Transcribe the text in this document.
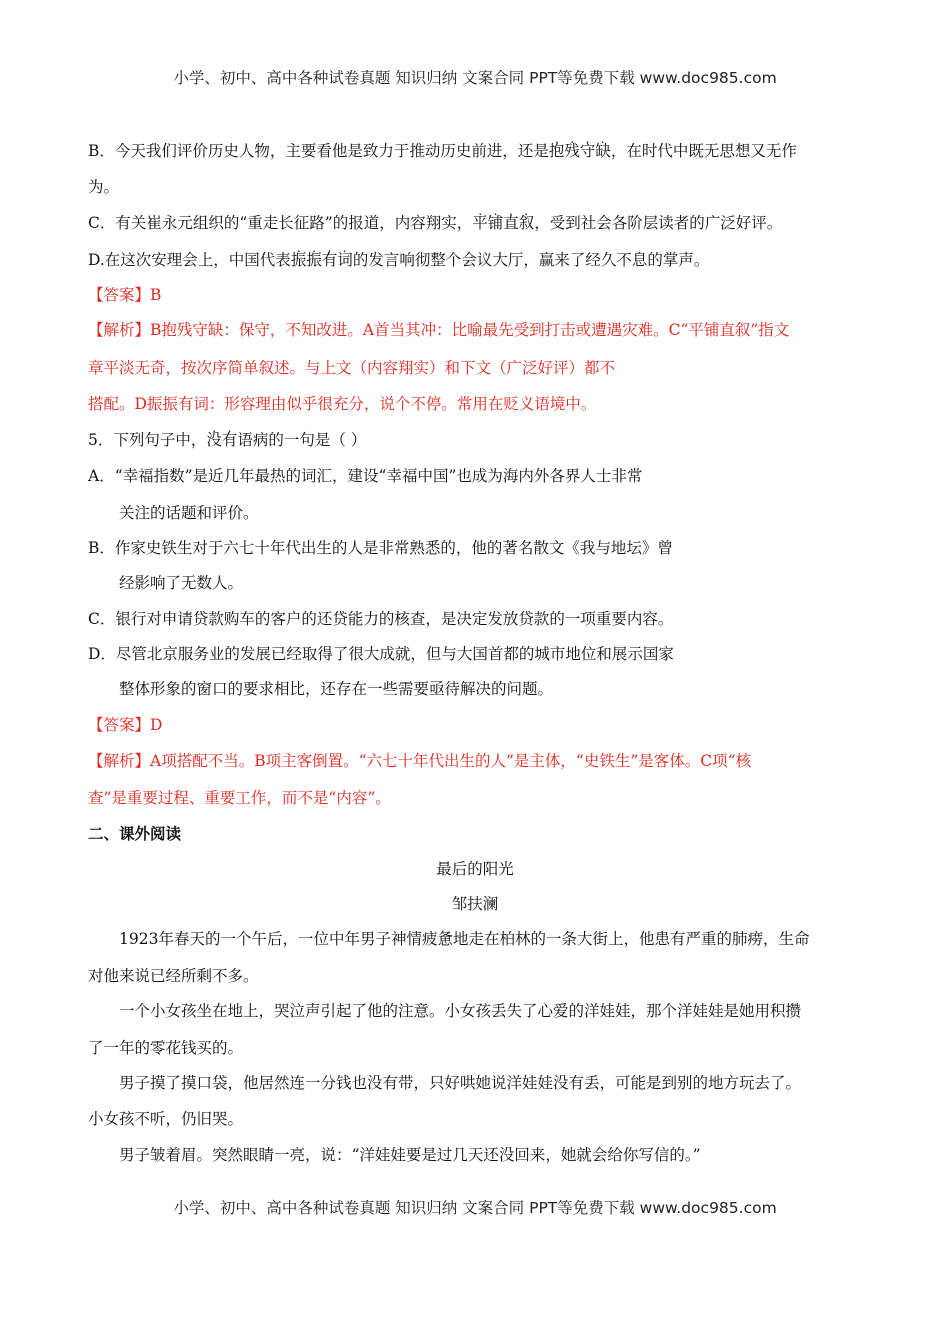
小学、初中、高中各种试卷真题 知识归纳 文案合同 PPT等免费下载 www.doc985.com
B．今天我们评价历史人物，主要看他是致力于推动历史前进，还是
.   .   .   .
抱残守缺，在时代中既无思想又无作
为。
C．有关崔永元组织的“重走长征路”的报道，内容翔实，
.   .   .   .
平铺直叙，受到社会各阶层读者的广泛好评。
D.在这次安理会上，中国代表
.   .   .   .
振振有词的发言响彻整个会议大厅，赢来了经久不息的掌声。
【答案】B
【解析】B抱残守缺：保守，不知改进。A首当其冲：比喻最先受到打击或遭遇灾难。C“平铺直叙”指文
章平淡无奇，按次序简单叙述。与上文（内容翔实）和下文（广泛好评）都不
搭配。D振振有词：形容理由似乎很充分，说个不停。常用在贬义语境中。
5．下列句子中，
.   .
没有语病的一句是（ ）
A．“幸福指数”是近几年最热的词汇，建设“幸福中国”也成为海内外各界人士非常
关注的话题和评价。
B．作家史铁生对于六七十年代出生的人是非常熟悉的，他的著名散文《我与地坛》曾
经影响了无数人。
C．银行对申请贷款购车的客户的还贷能力的核查，是决定发放贷款的一项重要内容。
D．尽管北京服务业的发展已经取得了很大成就，但与大国首都的城市地位和展示国家
整体形象的窗口的要求相比，还存在一些需要亟待解决的问题。
【答案】D
【解析】A项搭配不当。B项主客倒置。“六七十年代出生的人”是主体，“史铁生”是客体。C项“核
查”是重要过程、重要工作，而不是“内容”。
二、课外阅读
最后的阳光
邹扶澜
1923年春天的一个午后，一位中年男子神情疲惫地走在柏林的一条大街上，他患有严重的肺痨，生命
对他来说已经所剩不多。
一个小女孩坐在地上，哭泣声引起了他的注意。小女孩丢失了心爱的洋娃娃，那个洋娃娃是她用积攒
了一年的零花钱买的。
男子摸了摸口袋，他居然连一分钱也没有带，只好哄她说洋娃娃没有丢，可能是到别的地方玩去了。
小女孩不听，仍旧哭。
男子皱着眉。突然眼睛一亮，说：“洋娃娃要是过几天还没回来，她就会给你写信的。”
小学、初中、高中各种试卷真题 知识归纳 文案合同 PPT等免费下载 www.doc985.com
